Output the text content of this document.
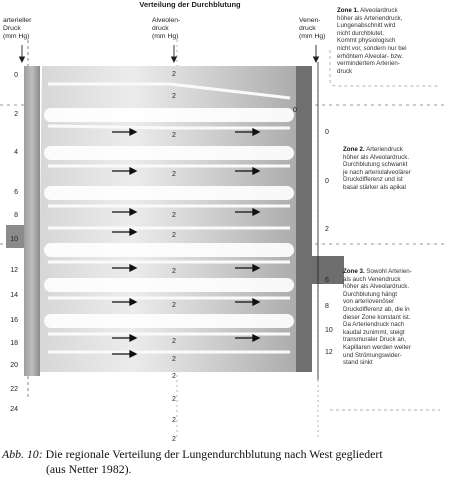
Verteilung der Durchblutung
arterieller
Druck
(mm Hg)
Alveolen-
druck
(mm Hg)
Venen-
druck
(mm Hg)
0
2
4
6
8
10
12
14
16
18
20
22
24
0
0
0
2
6
8
10
12
2
2
2
2
2
2
2
2
2
2
2
2
2
2
Zone 1. Alveolardruck
höher als Arteriendruck,
Lungenabschnitt wird
nicht durchblutet.
Kommt physiologisch
nicht vor, sondern nur bei
erhöhtem Alveolar- bzw.
vermindertem Arterien-
druck
Zone 2. Arteriendruck
höher als Alveolardruck.
Durchblutung schwankt
je nach arteriolalveolärer
Druckdifferenz und ist
basal stärker als apikal
Zone 3. Sowohl Arterien-
als auch Venendruck
höher als Alveolardruck.
Durchblutung hängt
von arteriovenöser
Druckdifferenz ab, die in
dieser Zone konstant ist.
Da Arteriendruck nach
kaudal zunimmt, steigt
transmuraler Druck an,
Kapillaren werden weiter
und Strömungswider-
stand sinkt
Abb. 10: Die regionale Verteilung der Lungendurchblutung nach West gegliedert
(aus Netter 1982).
